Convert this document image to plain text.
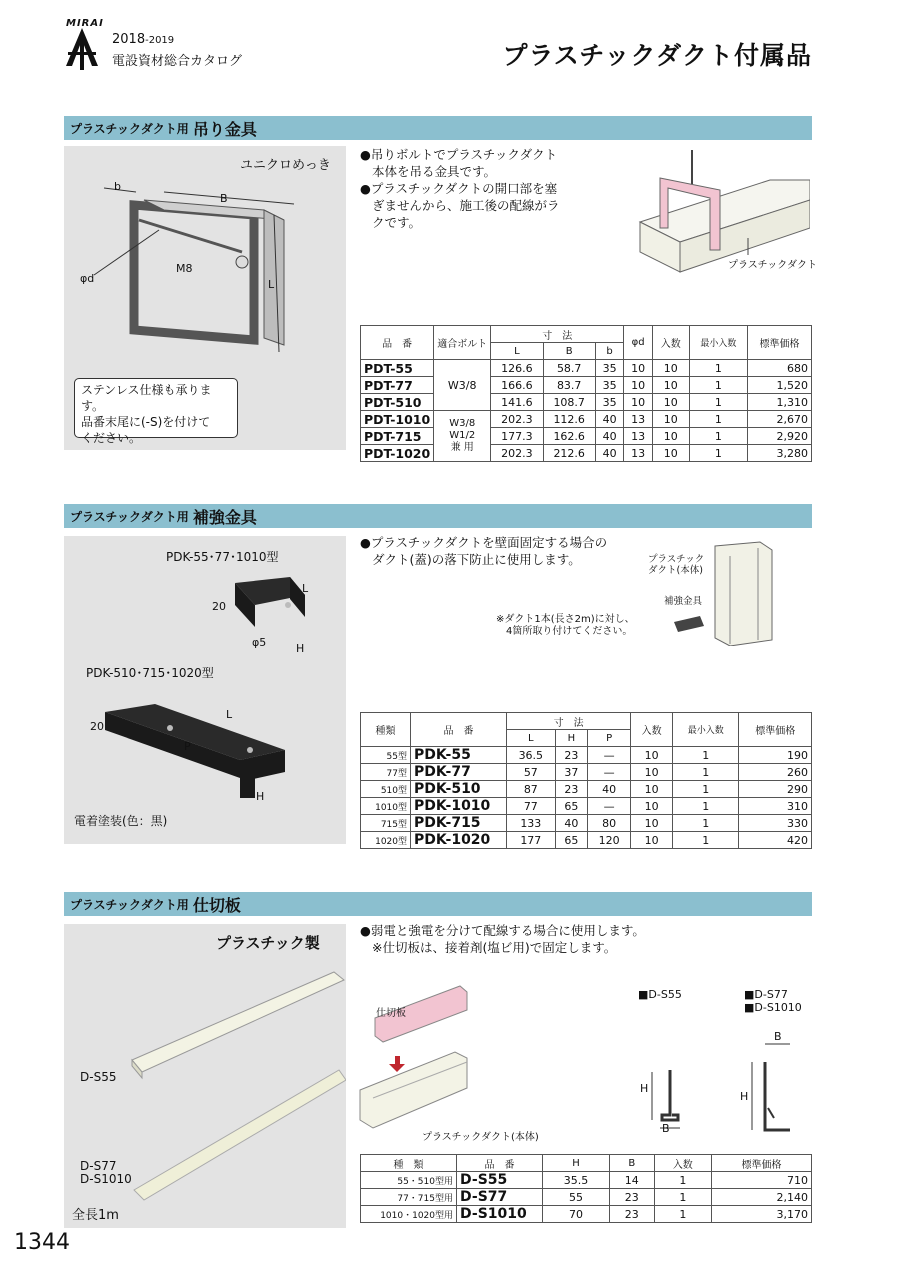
MIRAI
2018-2019
電設資材総合カタログ	プラスチックダクト付属品
プラスチックダクト用 吊り金具
ユニクロめっき
b
B
L
φd
M8
ステンレス仕様も承ります。
品番末尾に(-S)を付けて
ください。
●吊りボルトでプラスチックダクト
本体を吊る金具です。
●プラスチックダクトの開口部を塞
ぎませんから、施工後の配線がラ
クです。
プラスチックダクト
品　番	適合ボルト	寸　法			φd	入数	最小入数	標準価格
		L	B	b				
PDT-55	W3/8	126.6	58.7	35	10	10	1	680
PDT-77		166.6	83.7	35	10	10	1	1,520
PDT-510		141.6	108.7	35	10	10	1	1,310
PDT-1010	W3/8
W1/2
兼 用	202.3	112.6	40	13	10	1	2,670
PDT-715		177.3	162.6	40	13	10	1	2,920
PDT-1020		202.3	212.6	40	13	10	1	3,280
プラスチックダクト用 補強金具
PDK-55･77･1010型
20
L
φ5	H
PDK-510･715･1020型
20
L
P
H
電着塗装(色：黒)
●プラスチックダクトを壁面固定する場合の
ダクト(蓋)の落下防止に使用します。	プラスチック
ダクト(本体)
補強金具
※ダクト1本(長さ2m)に対し、
4箇所取り付けてください。
種類	品　番	寸　法			入数	最小入数	標準価格
		L	H	P			
55型	PDK-55	36.5	23	—	10	1	190
77型	PDK-77	57	37	—	10	1	260
510型	PDK-510	87	23	40	10	1	290
1010型	PDK-1010	77	65	—	10	1	310
715型	PDK-715	133	40	80	10	1	330
1020型	PDK-1020	177	65	120	10	1	420
プラスチックダクト用 仕切板
プラスチック製
D-S55
D-S77
D-S1010
全長1m
●弱電と強電を分けて配線する場合に使用します。
※仕切板は、接着剤(塩ビ用)で固定します。
仕切板
プラスチックダクト(本体)
■D-S55	■D-S77
■D-S1010
H
B
H
B
種　類	品　番	H	B	入数	標準価格
55・510型用	D-S55	35.5	14	1	710
77・715型用	D-S77	55	23	1	2,140
1010・1020型用	D-S1010	70	23	1	3,170
1344
